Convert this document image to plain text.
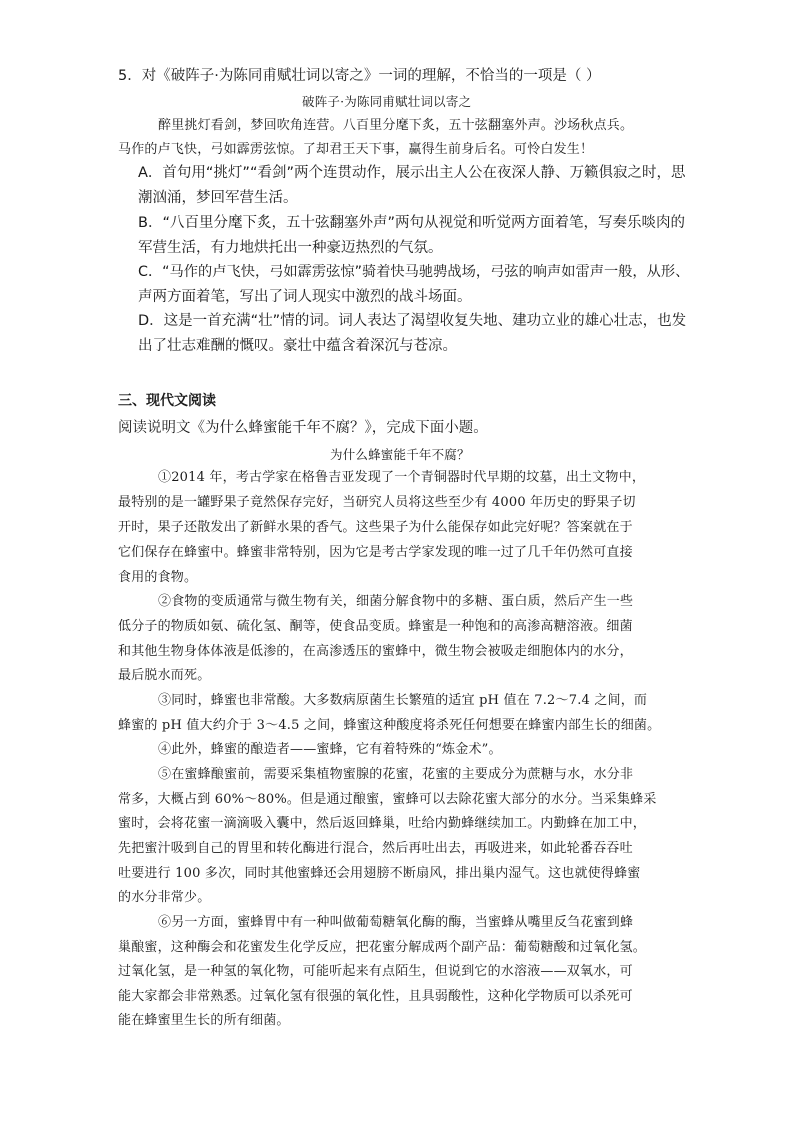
5．对《破阵子·为陈同甫赋壮词以寄之》一词的理解，不恰当的一项是（ ）
破阵子·为陈同甫赋壮词以寄之
醉里挑灯看剑，梦回吹角连营。八百里分麾下炙，五十弦翻塞外声。沙场秋点兵。
马作的卢飞快，弓如霹雳弦惊。了却君王天下事，赢得生前身后名。可怜白发生！
A．首句用“挑灯”“看剑”两个连贯动作，展示出主人公在夜深人静、万籁俱寂之时，思
潮汹涌，梦回军营生活。
B．“八百里分麾下炙，五十弦翻塞外声”两句从视觉和听觉两方面着笔，写奏乐啖肉的
军营生活，有力地烘托出一种豪迈热烈的气氛。
C．“马作的卢飞快，弓如霹雳弦惊”骑着快马驰骋战场，弓弦的响声如雷声一般，从形、
声两方面着笔，写出了词人现实中激烈的战斗场面。
D．这是一首充满“壮”情的词。词人表达了渴望收复失地、建功立业的雄心壮志，也发
出了壮志难酬的慨叹。豪壮中蕴含着深沉与苍凉。
三、现代文阅读
阅读说明文《为什么蜂蜜能千年不腐？》，完成下面小题。
为什么蜂蜜能千年不腐？
①2014 年，考古学家在格鲁吉亚发现了一个青铜器时代早期的坟墓，出土文物中，
最特别的是一罐野果子竟然保存完好，当研究人员将这些至少有 4000 年历史的野果子切
开时，果子还散发出了新鲜水果的香气。这些果子为什么能保存如此完好呢？答案就在于
它们保存在蜂蜜中。蜂蜜非常特别，因为它是考古学家发现的唯一过了几千年仍然可直接
食用的食物。
②食物的变质通常与微生物有关，细菌分解食物中的多糖、蛋白质，然后产生一些
低分子的物质如氨、硫化氢、酮等，使食品变质。蜂蜜是一种饱和的高渗高糖溶液。细菌
和其他生物身体体液是低渗的，在高渗透压的蜜蜂中，微生物会被吸走细胞体内的水分，
最后脱水而死。
③同时，蜂蜜也非常酸。大多数病原菌生长繁殖的适宜 pH 值在 7.2～7.4 之间，而
蜂蜜的 pH 值大约介于 3～4.5 之间，蜂蜜这种酸度将杀死任何想要在蜂蜜内部生长的细菌。
④此外，蜂蜜的酿造者——蜜蜂，它有着特殊的“炼金术”。
⑤在蜜蜂酿蜜前，需要采集植物蜜腺的花蜜，花蜜的主要成分为蔗糖与水，水分非
常多，大概占到 60%～80%。但是通过酿蜜，蜜蜂可以去除花蜜大部分的水分。当采集蜂采
蜜时，会将花蜜一滴滴吸入囊中，然后返回蜂巢，吐给内勤蜂继续加工。内勤蜂在加工中，
先把蜜汁吸到自己的胃里和转化酶进行混合，然后再吐出去，再吸进来，如此轮番吞吞吐
吐要进行 100 多次，同时其他蜜蜂还会用翅膀不断扇风，排出巢内湿气。这也就使得蜂蜜
的水分非常少。
⑥另一方面，蜜蜂胃中有一种叫做葡萄糖氧化酶的酶，当蜜蜂从嘴里反刍花蜜到蜂
巢酿蜜，这种酶会和花蜜发生化学反应，把花蜜分解成两个副产品：葡萄糖酸和过氧化氢。
过氧化氢，是一种氢的氧化物，可能听起来有点陌生，但说到它的水溶液——双氧水，可
能大家都会非常熟悉。过氧化氢有很强的氧化性，且具弱酸性，这种化学物质可以杀死可
能在蜂蜜里生长的所有细菌。
